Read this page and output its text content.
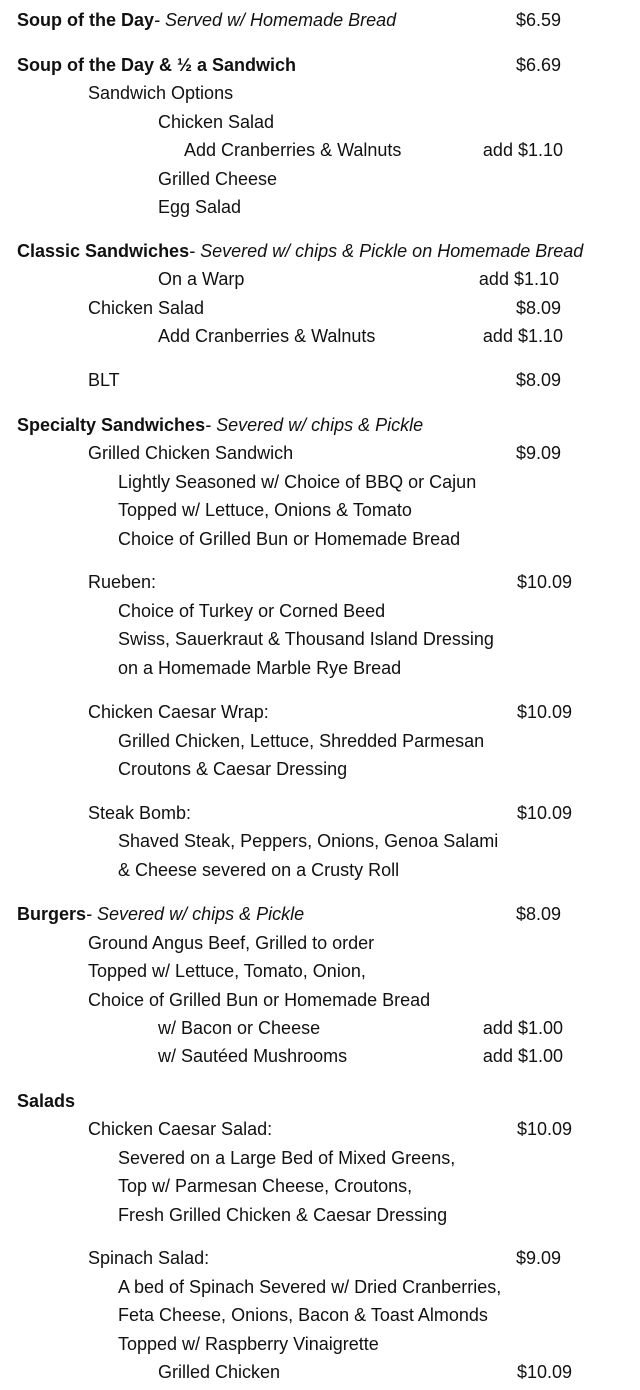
Soup of the Day- Served w/ Homemade Bread	$6.59
Soup of the Day & ½ a Sandwich	$6.69
Sandwich Options
Chicken Salad
Add Cranberries & Walnuts	add $1.10
Grilled Cheese
Egg Salad
Classic Sandwiches- Severed w/ chips & Pickle on Homemade Bread
On a Warp	add $1.10
Chicken Salad	$8.09
Add Cranberries & Walnuts	add $1.10
BLT	$8.09
Specialty Sandwiches- Severed w/ chips & Pickle
Grilled Chicken Sandwich	$9.09
Lightly Seasoned w/ Choice of BBQ or Cajun
Topped w/ Lettuce, Onions & Tomato
Choice of Grilled Bun or Homemade Bread
Rueben:	$10.09
Choice of Turkey or Corned Beed
Swiss, Sauerkraut & Thousand Island Dressing
on a Homemade Marble Rye Bread
Chicken Caesar Wrap:	$10.09
Grilled Chicken, Lettuce, Shredded Parmesan
Croutons & Caesar Dressing
Steak Bomb:	$10.09
Shaved Steak, Peppers, Onions, Genoa Salami
& Cheese severed on a Crusty Roll
Burgers- Severed w/ chips & Pickle	$8.09
Ground Angus Beef, Grilled to order
Topped w/ Lettuce, Tomato, Onion,
Choice of Grilled Bun or Homemade Bread
w/ Bacon or Cheese	add $1.00
w/ Sautéed Mushrooms	add $1.00
Salads
Chicken Caesar Salad:	$10.09
Severed on a Large Bed of Mixed Greens,
Top w/ Parmesan Cheese, Croutons,
Fresh Grilled Chicken & Caesar Dressing
Spinach Salad:	$9.09
A bed of Spinach Severed w/ Dried Cranberries,
Feta Cheese, Onions, Bacon & Toast Almonds
Topped w/ Raspberry Vinaigrette
Grilled Chicken	$10.09
